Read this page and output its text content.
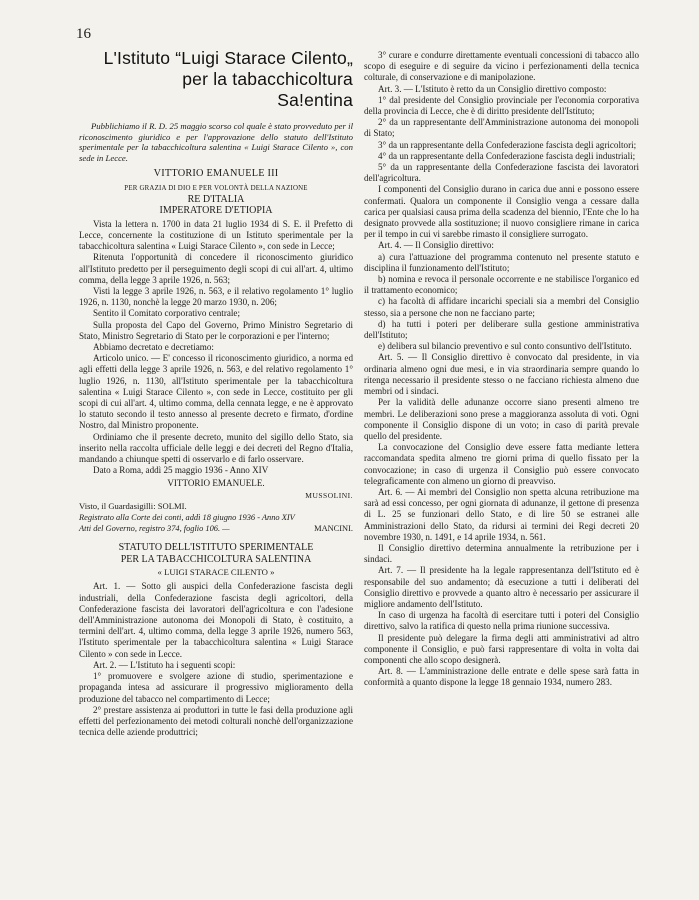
16
L'Istituto “Luigi Starace Cilento„
per la tabacchicoltura
Sa!entina

Pubblichiamo il R. D. 25 maggio scorso col quale è stato provveduto per il riconoscimento giuridico e per l'approvazione dello statuto dell'Istituto sperimentale per la tabacchicoltura salentina « Luigi Starace Cilento », con sede in Lecce.

VITTORIO EMANUELE III
PER GRAZIA DI DIO E PER VOLONTÀ DELLA NAZIONE
RE D'ITALIA
IMPERATORE D'ETIOPIA

Vista la lettera n. 1700 in data 21 luglio 1934 di S. E. il Prefetto di Lecce, concernente la costituzione di un Istituto sperimentale per la tabacchicoltura salentina « Luigi Starace Cilento », con sede in Lecce;

Ritenuta l'opportunità di concedere il riconoscimento giuridico all'Istituto predetto per il perseguimento degli scopi di cui all'art. 4, ultimo comma, della legge 3 aprile 1926, n. 563;

Visti la legge 3 aprile 1926, n. 563, e il relativo regolamento 1° luglio 1926, n. 1130, nonchè la legge 20 marzo 1930, n. 206;

Sentito il Comitato corporativo centrale;

Sulla proposta del Capo del Governo, Primo Ministro Segretario di Stato, Ministro Segretario di Stato per le corporazioni e per l'interno;

Abbiamo decretato e decretiamo:

Articolo unico. — E' concesso il riconoscimento giuridico, a norma ed agli effetti della legge 3 aprile 1926, n. 563, e del relativo regolamento 1° luglio 1926, n. 1130, all'Istituto sperimentale per la tabacchicoltura salentina « Luigi Starace Cilento », con sede in Lecce, costituito per gli scopi di cui all'art. 4, ultimo comma, della cennata legge, e ne è approvato lo statuto secondo il testo annesso al presente decreto e firmato, d'ordine Nostro, dal Ministro proponente.

Ordiniamo che il presente decreto, munito del sigillo dello Stato, sia inserito nella raccolta ufficiale delle leggi e dei decreti del Regno d'Italia, mandando a chiunque spetti di osservarlo e di farlo osservare.

Dato a Roma, addì 25 maggio 1936 - Anno XIV

VITTORIO EMANUELE.
MUSSOLINI.
Visto, il Guardasigilli: SOLMI.
Registrato alla Corte dei conti, addì 18 giugno 1936 - Anno XIV
Atti del Governo, registro 374, foglio 106. —	MANCINI.
STATUTO DELL'ISTITUTO SPERIMENTALE
PER LA TABACCHICOLTURA SALENTINA
« LUIGI STARACE CILENTO »

Art. 1. — Sotto gli auspici della Confederazione fascista degli industriali, della Confederazione fascista degli agricoltori, della Confederazione fascista dei lavoratori dell'agricoltura e con l'adesione dell'Amministrazione autonoma dei Monopoli di Stato, è costituito, a termini dell'art. 4, ultimo comma, della legge 3 aprile 1926, numero 563, l'Istituto sperimentale per la tabacchicoltura salentina « Luigi Starace Cilento » con sede in Lecce.

Art. 2. — L'Istituto ha i seguenti scopi:

1° promuovere e svolgere azione di studio, sperimentazione e propaganda intesa ad assicurare il progressivo miglioramento della produzione del tabacco nel compartimento di Lecce;

2° prestare assistenza ai produttori in tutte le fasi della produzione agli effetti del perfezionamento dei metodi colturali nonchè dell'organizzazione tecnica delle aziende produttrici;

3° curare e condurre direttamente eventuali concessioni di tabacco allo scopo di eseguire e di seguire da vicino i perfezionamenti della tecnica colturale, di conservazione e di manipolazione.

Art. 3. — L'Istituto è retto da un Consiglio direttivo composto:

1° dal presidente del Consiglio provinciale per l'economia corporativa della provincia di Lecce, che è di diritto presidente dell'Istituto;

2° da un rappresentante dell'Amministrazione autonoma dei monopoli di Stato;

3° da un rappresentante della Confederazione fascista degli agricoltori;

4° da un rappresentante della Confederazione fascista degli industriali;

5° da un rappresentante della Confederazione fascista dei lavoratori dell'agricoltura.

I componenti del Consiglio durano in carica due anni e possono essere confermati. Qualora un componente il Consiglio venga a cessare dalla carica per qualsiasi causa prima della scadenza del biennio, l'Ente che lo ha designato provvede alla sostituzione; il nuovo consigliere rimane in carica per il tempo in cui vi sarebbe rimasto il consigliere surrogato.

Art. 4. — Il Consiglio direttivo:

a) cura l'attuazione del programma contenuto nel presente statuto e disciplina il funzionamento dell'Istituto;

b) nomina e revoca il personale occorrente e ne stabilisce l'organico ed il trattamento economico;

c) ha facoltà di affidare incarichi speciali sia a membri del Consiglio stesso, sia a persone che non ne facciano parte;

d) ha tutti i poteri per deliberare sulla gestione amministrativa dell'Istituto;

e) delibera sul bilancio preventivo e sul conto consuntivo dell'Istituto.

Art. 5. — Il Consiglio direttivo è convocato dal presidente, in via ordinaria almeno ogni due mesi, e in via straordinaria sempre quando lo ritenga necessario il presidente stesso o ne facciano richiesta almeno due membri od i sindaci.

Per la validità delle adunanze occorre siano presenti almeno tre membri. Le deliberazioni sono prese a maggioranza assoluta di voti. Ogni componente il Consiglio dispone di un voto; in caso di parità prevale quello del presidente.

La convocazione del Consiglio deve essere fatta mediante lettera raccomandata spedita almeno tre giorni prima di quello fissato per la convocazione; in caso di urgenza il Consiglio può essere convocato telegraficamente con almeno un giorno di preavviso.

Art. 6. — Ai membri del Consiglio non spetta alcuna retribuzione ma sarà ad essi concesso, per ogni giornata di adunanze, il gettone di presenza di L. 25 se funzionari dello Stato, e di lire 50 se estranei alle Amministrazioni dello Stato, da ridursi ai termini dei Regi decreti 20 novembre 1930, n. 1491, e 14 aprile 1934, n. 561.

Il Consiglio direttivo determina annualmente la retribuzione per i sindaci.

Art. 7. — Il presidente ha la legale rappresentanza dell'Istituto ed è responsabile del suo andamento; dà esecuzione a tutti i deliberati del Consiglio direttivo e provvede a quanto altro è necessario per assicurare il migliore andamento dell'Istituto.

In caso di urgenza ha facoltà di esercitare tutti i poteri del Consiglio direttivo, salvo la ratifica di questo nella prima riunione successiva.

Il presidente può delegare la firma degli atti amministrativi ad altro componente il Consiglio, e può farsi rappresentare di volta in volta dai componenti che allo scopo designerà.

Art. 8. — L'amministrazione delle entrate e delle spese sarà fatta in conformità a quanto dispone la legge 18 gennaio 1934, numero 283.
